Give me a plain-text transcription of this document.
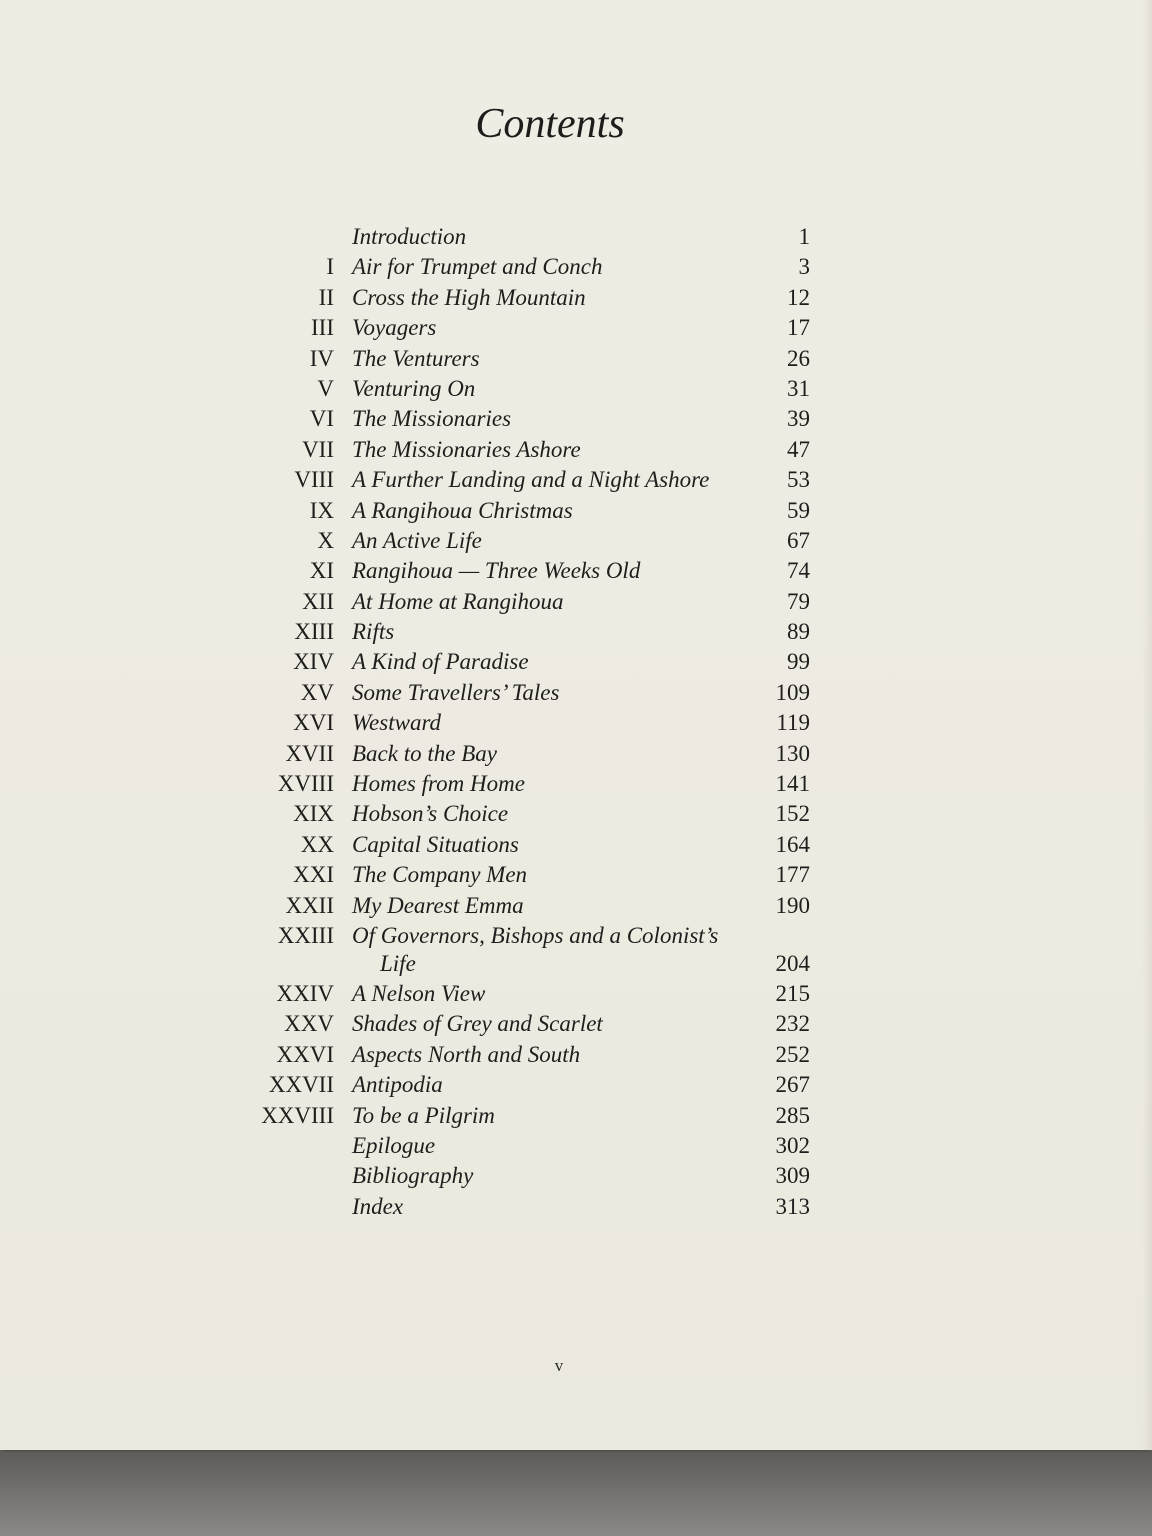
Contents
Introduction	1
I Air for Trumpet and Conch	3
II Cross the High Mountain	12
III Voyagers	17
IV The Venturers	26
V Venturing On	31
VI The Missionaries	39
VII The Missionaries Ashore	47
VIII A Further Landing and a Night Ashore	53
IX A Rangihoua Christmas	59
X An Active Life	67
XI Rangihoua — Three Weeks Old	74
XII At Home at Rangihoua	79
XIII Rifts	89
XIV A Kind of Paradise	99
XV Some Travellers’ Tales	109
XVI Westward	119
XVII Back to the Bay	130
XVIII Homes from Home	141
XIX Hobson’s Choice	152
XX Capital Situations	164
XXI The Company Men	177
XXII My Dearest Emma	190
XXIII Of Governors, Bishops and a Colonist’s
Life	204
XXIV A Nelson View	215
XXV Shades of Grey and Scarlet	232
XXVI Aspects North and South	252
XXVII Antipodia	267
XXVIII To be a Pilgrim	285
Epilogue	302
Bibliography	309
Index	313
v
